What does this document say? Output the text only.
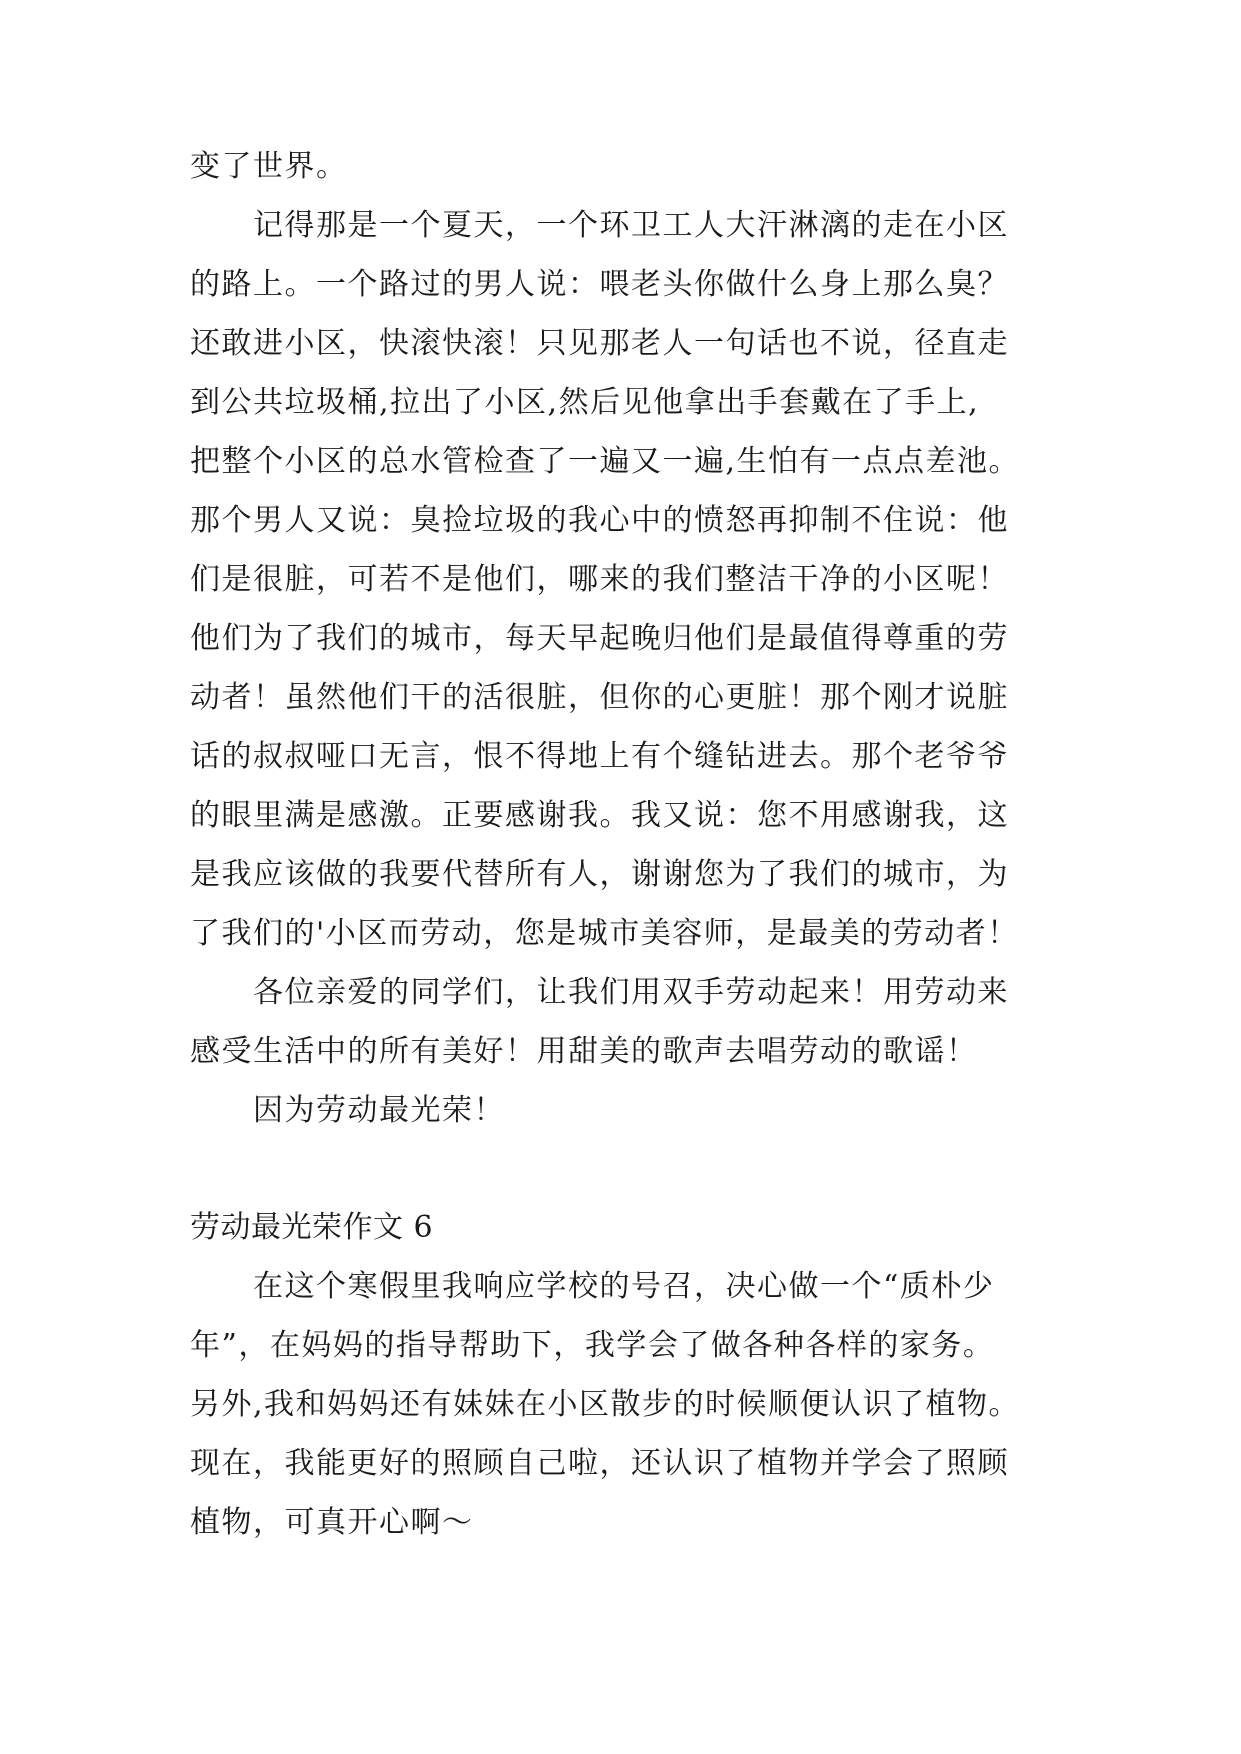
变了世界。
　　记得那是一个夏天，一个环卫工人大汗淋漓的走在小区
的路上。一个路过的男人说：喂老头你做什么身上那么臭？
还敢进小区，快滚快滚！只见那老人一句话也不说，径直走
到公共垃圾桶,拉出了小区,然后见他拿出手套戴在了手上,
把整个小区的总水管检查了一遍又一遍,生怕有一点点差池。
那个男人又说：臭捡垃圾的我心中的愤怒再抑制不住说：他
们是很脏，可若不是他们，哪来的我们整洁干净的小区呢！
他们为了我们的城市，每天早起晚归他们是最值得尊重的劳
动者！虽然他们干的活很脏，但你的心更脏！那个刚才说脏
话的叔叔哑口无言，恨不得地上有个缝钻进去。那个老爷爷
的眼里满是感激。正要感谢我。我又说：您不用感谢我，这
是我应该做的我要代替所有人，谢谢您为了我们的城市，为
了我们的'小区而劳动，您是城市美容师，是最美的劳动者！
　　各位亲爱的同学们，让我们用双手劳动起来！用劳动来
感受生活中的所有美好！用甜美的歌声去唱劳动的歌谣！
　　因为劳动最光荣！
劳动最光荣作文 6
　　在这个寒假里我响应学校的号召，决心做一个“质朴少
年”，在妈妈的指导帮助下，我学会了做各种各样的家务。
另外,我和妈妈还有妹妹在小区散步的时候顺便认识了植物。
现在，我能更好的照顾自己啦，还认识了植物并学会了照顾
植物，可真开心啊～
